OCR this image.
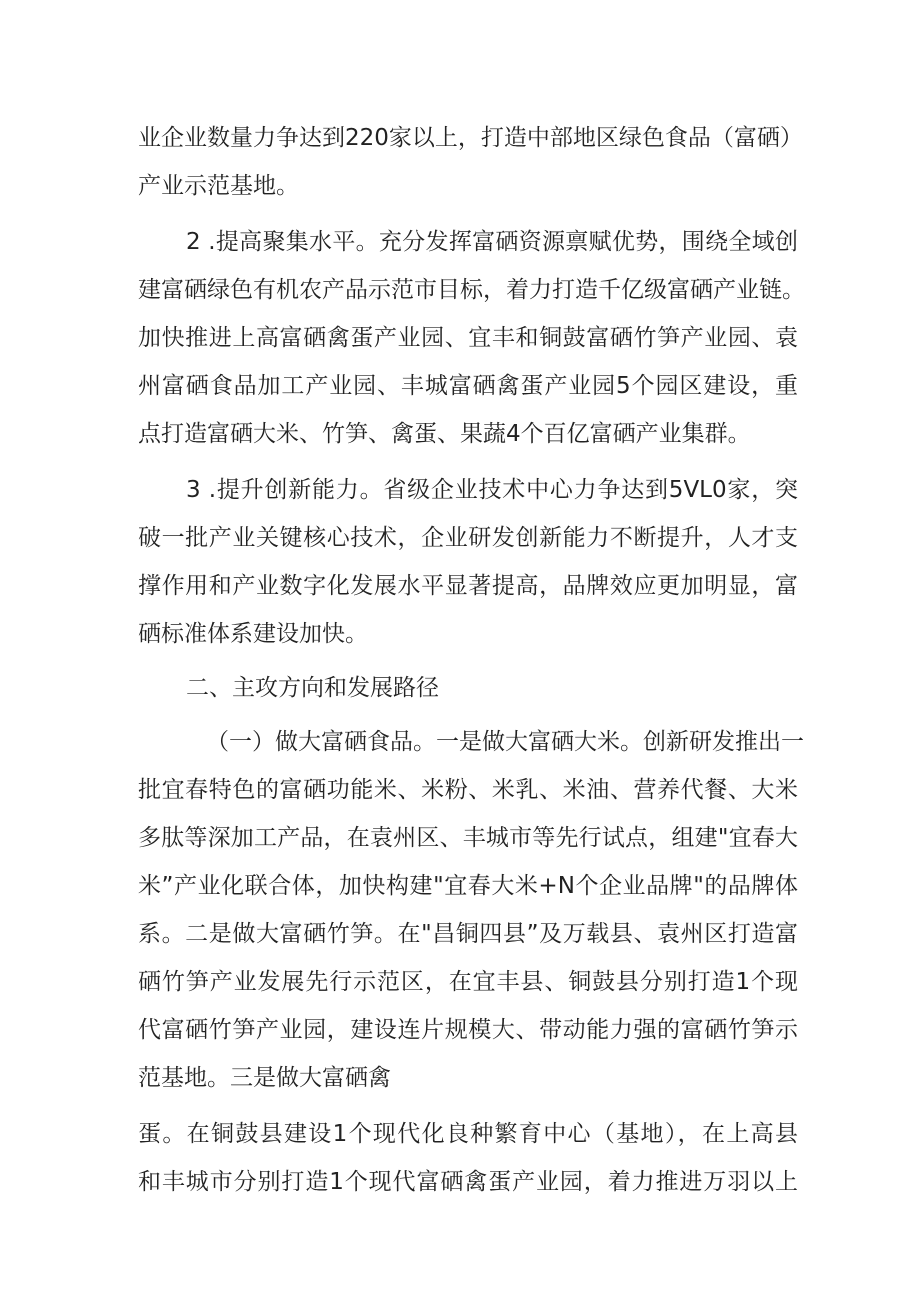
业企业数量力争达到220家以上，打造中部地区绿色食品（富硒）
产业示范基地。
2 .提高聚集水平。充分发挥富硒资源禀赋优势，围绕全域创
建富硒绿色有机农产品示范市目标，着力打造千亿级富硒产业链。
加快推进上高富硒禽蛋产业园、宜丰和铜鼓富硒竹笋产业园、袁
州富硒食品加工产业园、丰城富硒禽蛋产业园5个园区建设，重
点打造富硒大米、竹笋、禽蛋、果蔬4个百亿富硒产业集群。
3 .提升创新能力。省级企业技术中心力争达到5VL0家，突
破一批产业关键核心技术，企业研发创新能力不断提升，人才支
撑作用和产业数字化发展水平显著提高，品牌效应更加明显，富
硒标准体系建设加快。
二、主攻方向和发展路径
（一）做大富硒食品。一是做大富硒大米。创新研发推出一
批宜春特色的富硒功能米、米粉、米乳、米油、营养代餐、大米
多肽等深加工产品，在袁州区、丰城市等先行试点，组建"宜春大
米”产业化联合体，加快构建"宜春大米+N个企业品牌"的品牌体
系。二是做大富硒竹笋。在"昌铜四县”及万载县、袁州区打造富
硒竹笋产业发展先行示范区，在宜丰县、铜鼓县分别打造1个现
代富硒竹笋产业园，建设连片规模大、带动能力强的富硒竹笋示
范基地。三是做大富硒禽
蛋。在铜鼓县建设1个现代化良种繁育中心（基地），在上高县
和丰城市分别打造1个现代富硒禽蛋产业园，着力推进万羽以上
